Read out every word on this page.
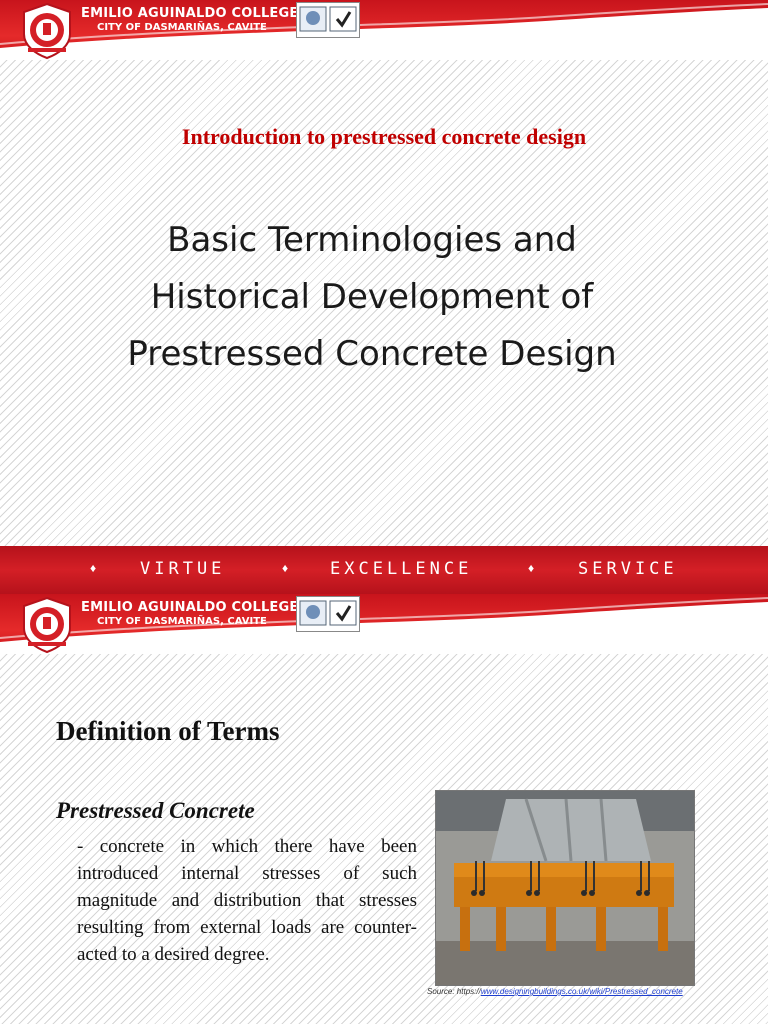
EMILIO AGUINALDO COLLEGE
CITY OF DASMARIÑAS, CAVITE
Introduction to prestressed concrete design
Basic Terminologies and
Historical Development of
Prestressed Concrete Design
♦	VIRTUE	♦ EXCELLENCE	♦	SERVICE
EMILIO AGUINALDO COLLEGE
CITY OF DASMARIÑAS, CAVITE
Definition of Terms
Prestressed Concrete
- concrete in which there have been introduced internal stresses of such magnitude and distribution that stresses resulting from external loads are counter-acted to a desired degree.
Source: https://www.designingbuildings.co.uk/wiki/Prestressed_concrete
